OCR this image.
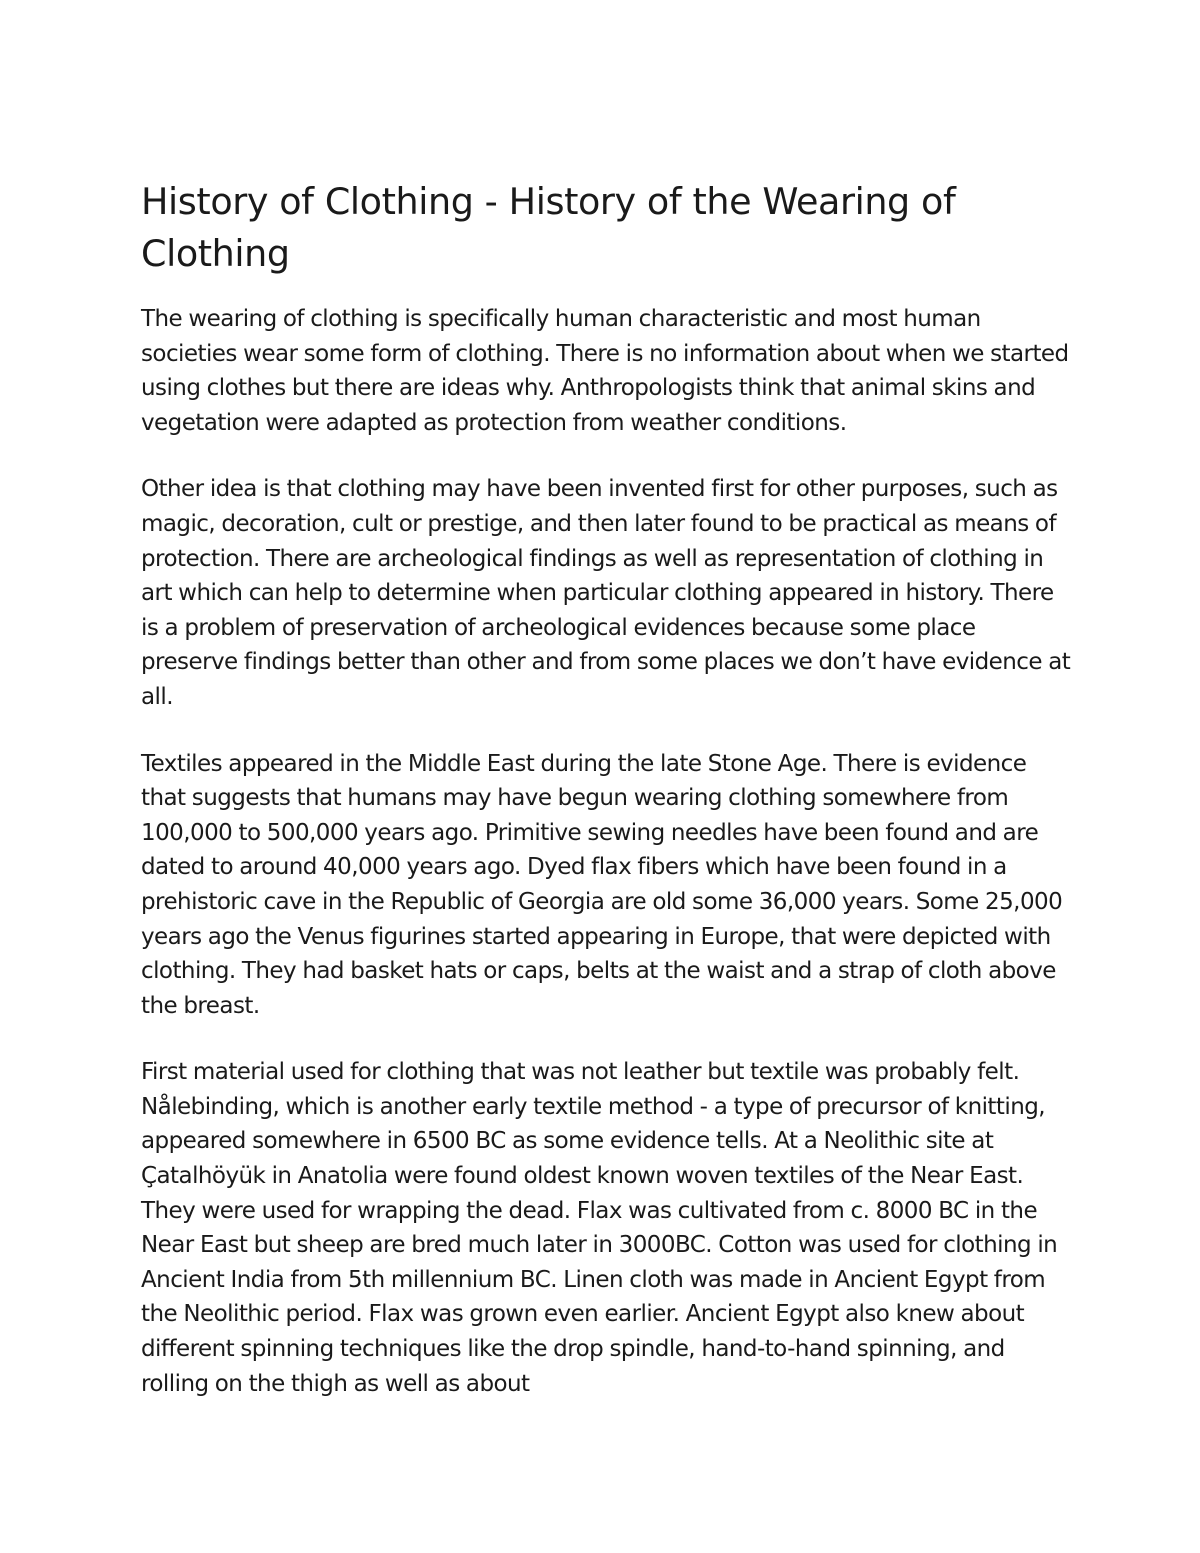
History of Clothing - History of the Wearing of Clothing

The wearing of clothing is specifically human characteristic and most human societies wear some form of clothing. There is no information about when we started using clothes but there are ideas why. Anthropologists think that animal skins and vegetation were adapted as protection from weather conditions.

Other idea is that clothing may have been invented first for other purposes, such as magic, decoration, cult or prestige, and then later found to be practical as means of protection. There are archeological findings as well as representation of clothing in art which can help to determine when particular clothing appeared in history. There is a problem of preservation of archeological evidences because some place preserve findings better than other and from some places we don’t have evidence at all.

Textiles appeared in the Middle East during the late Stone Age. There is evidence that suggests that humans may have begun wearing clothing somewhere from 100,000 to 500,000 years ago. Primitive sewing needles have been found and are dated to around 40,000 years ago. Dyed flax fibers which have been found in a prehistoric cave in the Republic of Georgia are old some 36,000 years. Some 25,000 years ago the Venus figurines started appearing in Europe, that were depicted with clothing. They had basket hats or caps, belts at the waist and a strap of cloth above the breast.

First material used for clothing that was not leather but textile was probably felt. Nålebinding, which is another early textile method - a type of precursor of knitting, appeared somewhere in 6500 BC as some evidence tells. At a Neolithic site at Çatalhöyük in Anatolia were found oldest known woven textiles of the Near East. They were used for wrapping the dead. Flax was cultivated from c. 8000 BC in the Near East but sheep are bred much later in 3000BC. Cotton was used for clothing in Ancient India from 5th millennium BC. Linen cloth was made in Ancient Egypt from the Neolithic period. Flax was grown even earlier. Ancient Egypt also knew about different spinning techniques like the drop spindle, hand-to-hand spinning, and rolling on the thigh as well as about
